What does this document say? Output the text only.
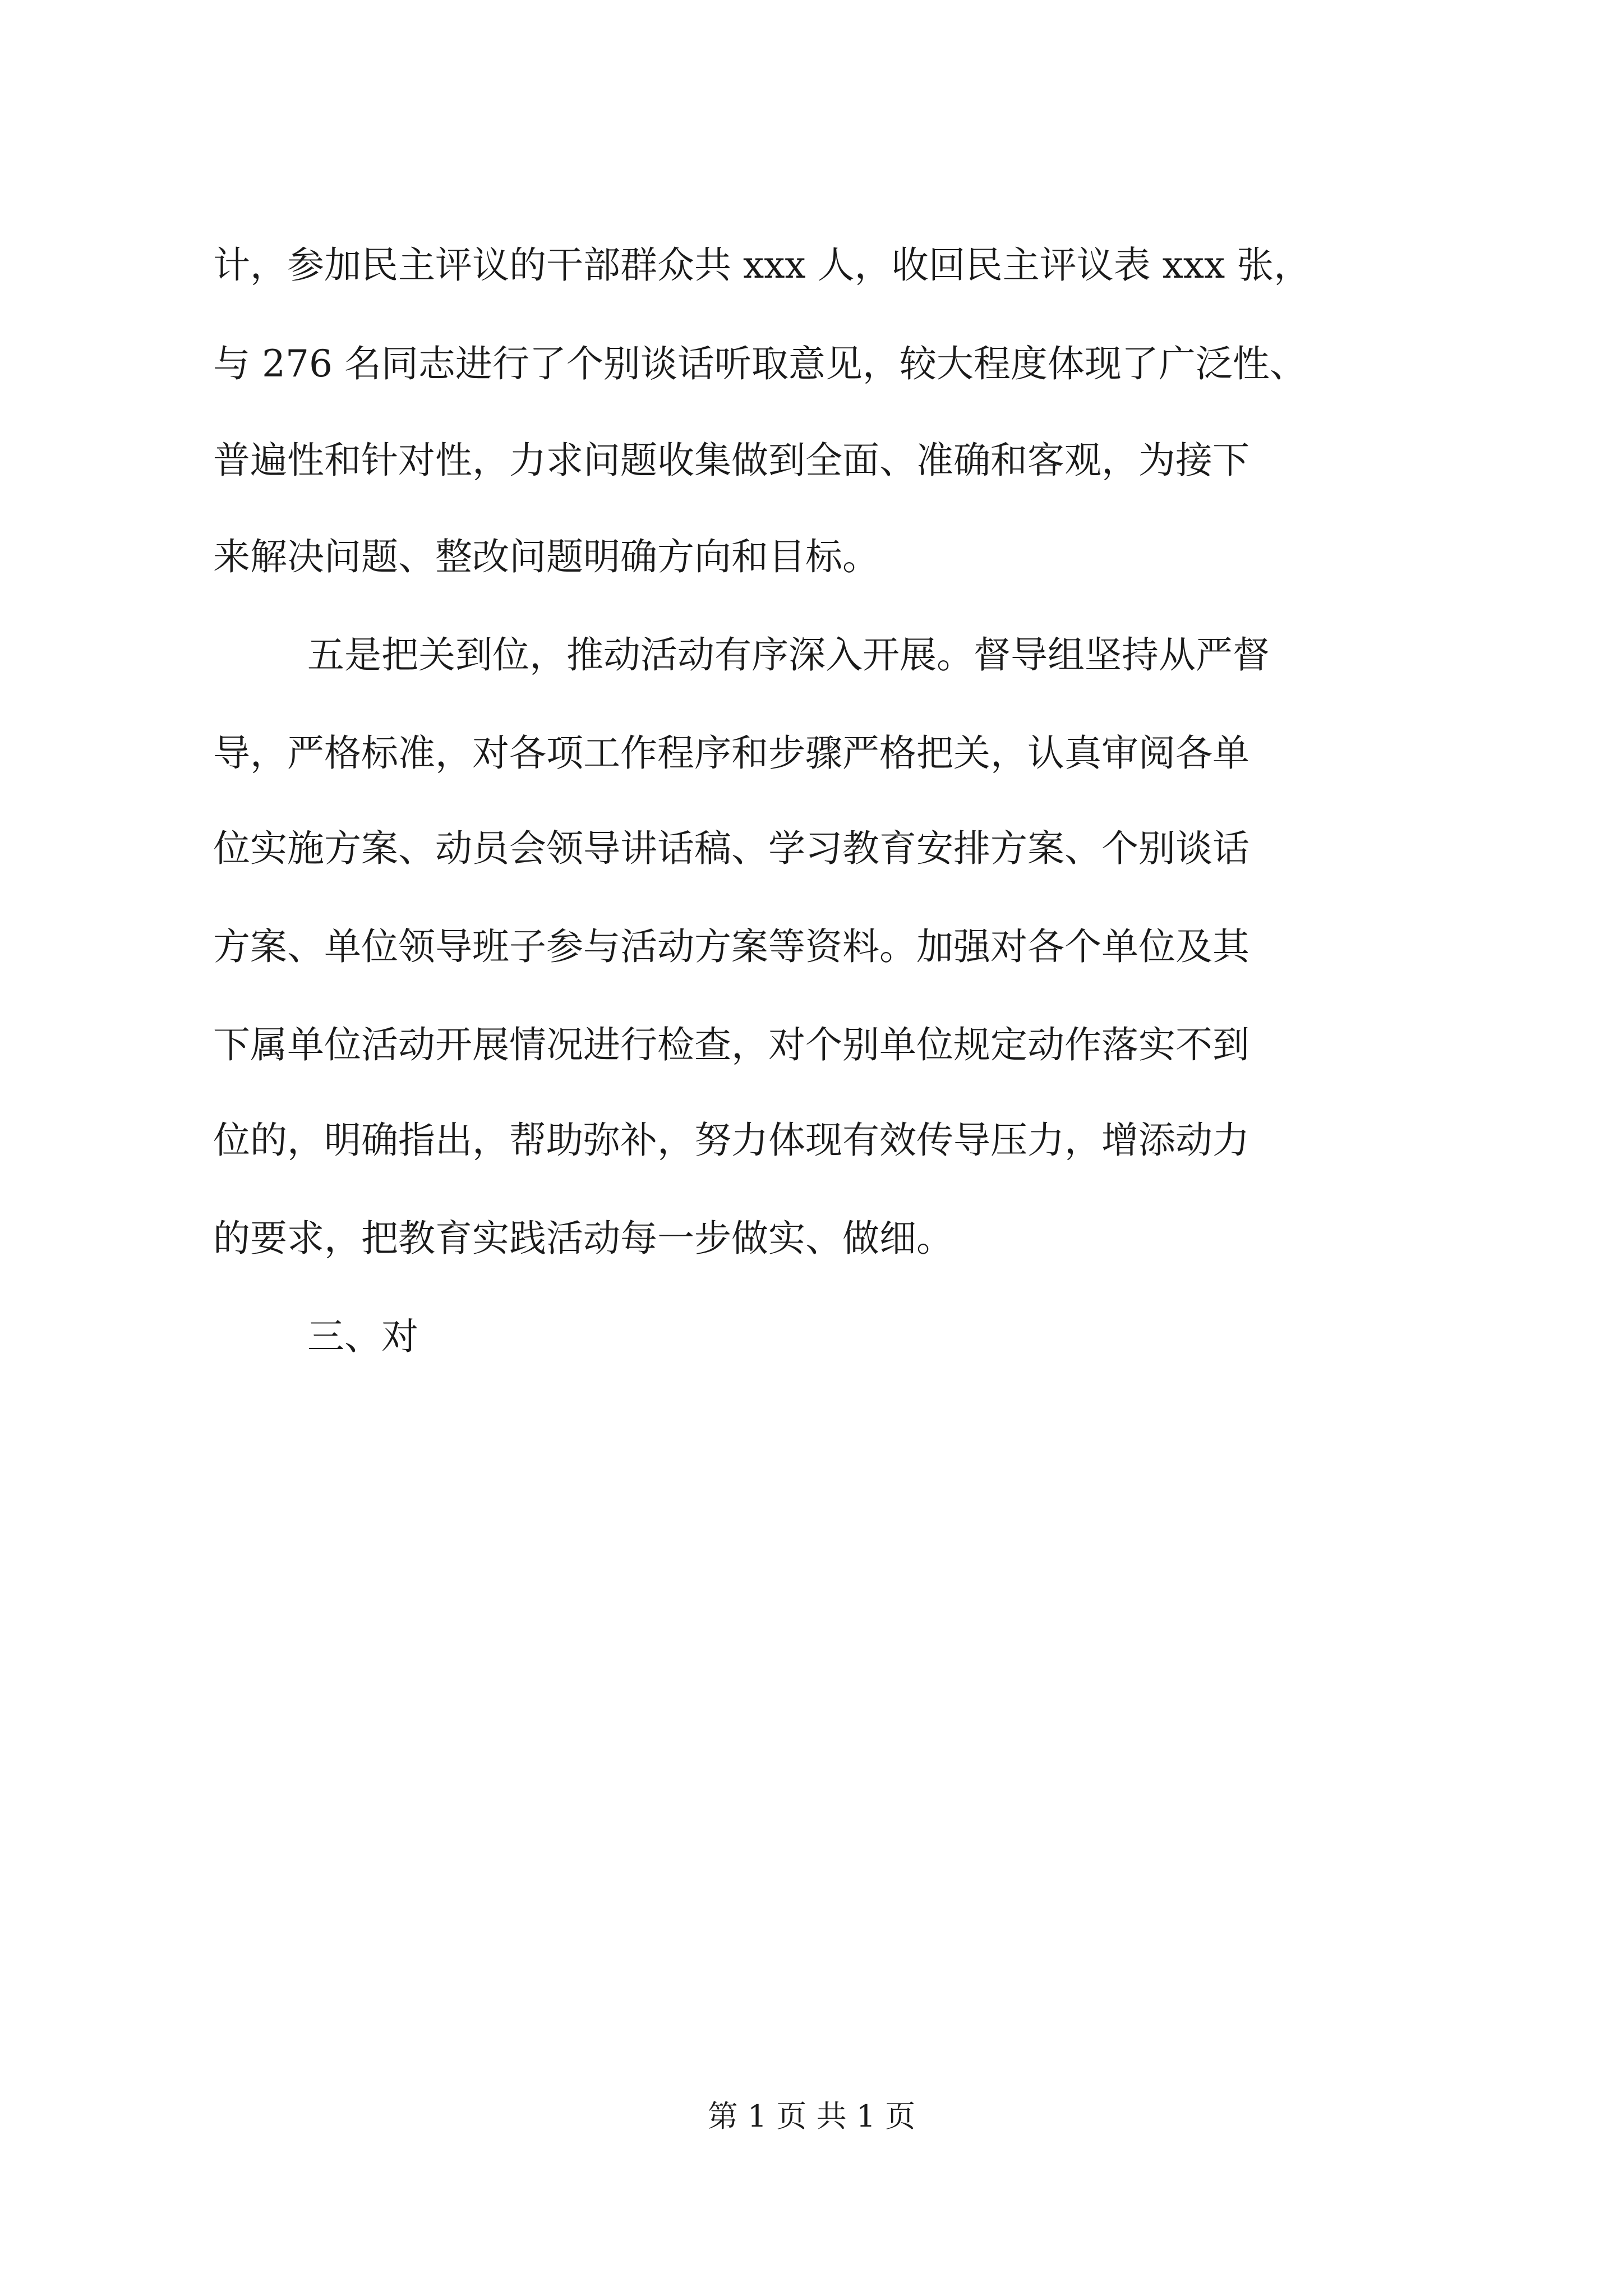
计，参加民主评议的干部群众共 xxx 人，收回民主评议表 xxx 张，
与 276 名同志进行了个别谈话听取意见，较大程度体现了广泛性、
普遍性和针对性，力求问题收集做到全面、准确和客观，为接下
来解决问题、整改问题明确方向和目标。
五是把关到位，推动活动有序深入开展。督导组坚持从严督
导，严格标准，对各项工作程序和步骤严格把关，认真审阅各单
位实施方案、动员会领导讲话稿、学习教育安排方案、个别谈话
方案、单位领导班子参与活动方案等资料。加强对各个单位及其
下属单位活动开展情况进行检查，对个别单位规定动作落实不到
位的，明确指出，帮助弥补，努力体现有效传导压力，增添动力
的要求，把教育实践活动每一步做实、做细。
三、对
第 1 页 共 1 页
